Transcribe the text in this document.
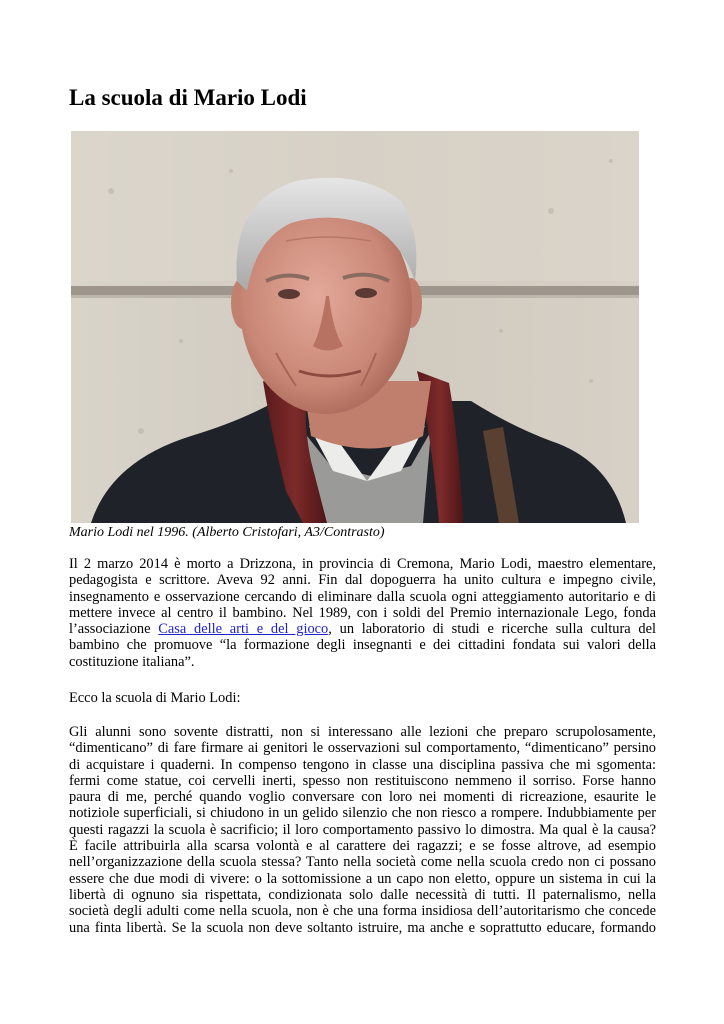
La scuola di Mario Lodi
Mario Lodi nel 1996. (Alberto Cristofari, A3/Contrasto)

Il 2 marzo 2014 è morto a Drizzona, in provincia di Cremona, Mario Lodi, maestro elementare,
pedagogista e scrittore. Aveva 92 anni. Fin dal dopoguerra ha unito cultura e impegno civile,
insegnamento e osservazione cercando di eliminare dalla scuola ogni atteggiamento autoritario e di
mettere invece al centro il bambino. Nel 1989, con i soldi del Premio internazionale Lego, fonda
l’associazione Casa delle arti e del gioco, un laboratorio di studi e ricerche sulla cultura del
bambino che promuove “la formazione degli insegnanti e dei cittadini fondata sui valori della
costituzione italiana”.

Ecco la scuola di Mario Lodi:

Gli alunni sono sovente distratti, non si interessano alle lezioni che preparo scrupolosamente,
“dimenticano” di fare firmare ai genitori le osservazioni sul comportamento, “dimenticano” persino
di acquistare i quaderni. In compenso tengono in classe una disciplina passiva che mi sgomenta:
fermi come statue, coi cervelli inerti, spesso non restituiscono nemmeno il sorriso. Forse hanno
paura di me, perché quando voglio conversare con loro nei momenti di ricreazione, esaurite le
notiziole superficiali, si chiudono in un gelido silenzio che non riesco a rompere. Indubbiamente per
questi ragazzi la scuola è sacrificio; il loro comportamento passivo lo dimostra. Ma qual è la causa?
È facile attribuirla alla scarsa volontà e al carattere dei ragazzi; e se fosse altrove, ad esempio
nell’organizzazione della scuola stessa? Tanto nella società come nella scuola credo non ci possano
essere che due modi di vivere: o la sottomissione a un capo non eletto, oppure un sistema in cui la
libertà di ognuno sia rispettata, condizionata solo dalle necessità di tutti. Il paternalismo, nella
società degli adulti come nella scuola, non è che una forma insidiosa dell’autoritarismo che concede
una finta libertà. Se la scuola non deve soltanto istruire, ma anche e soprattutto educare, formando
